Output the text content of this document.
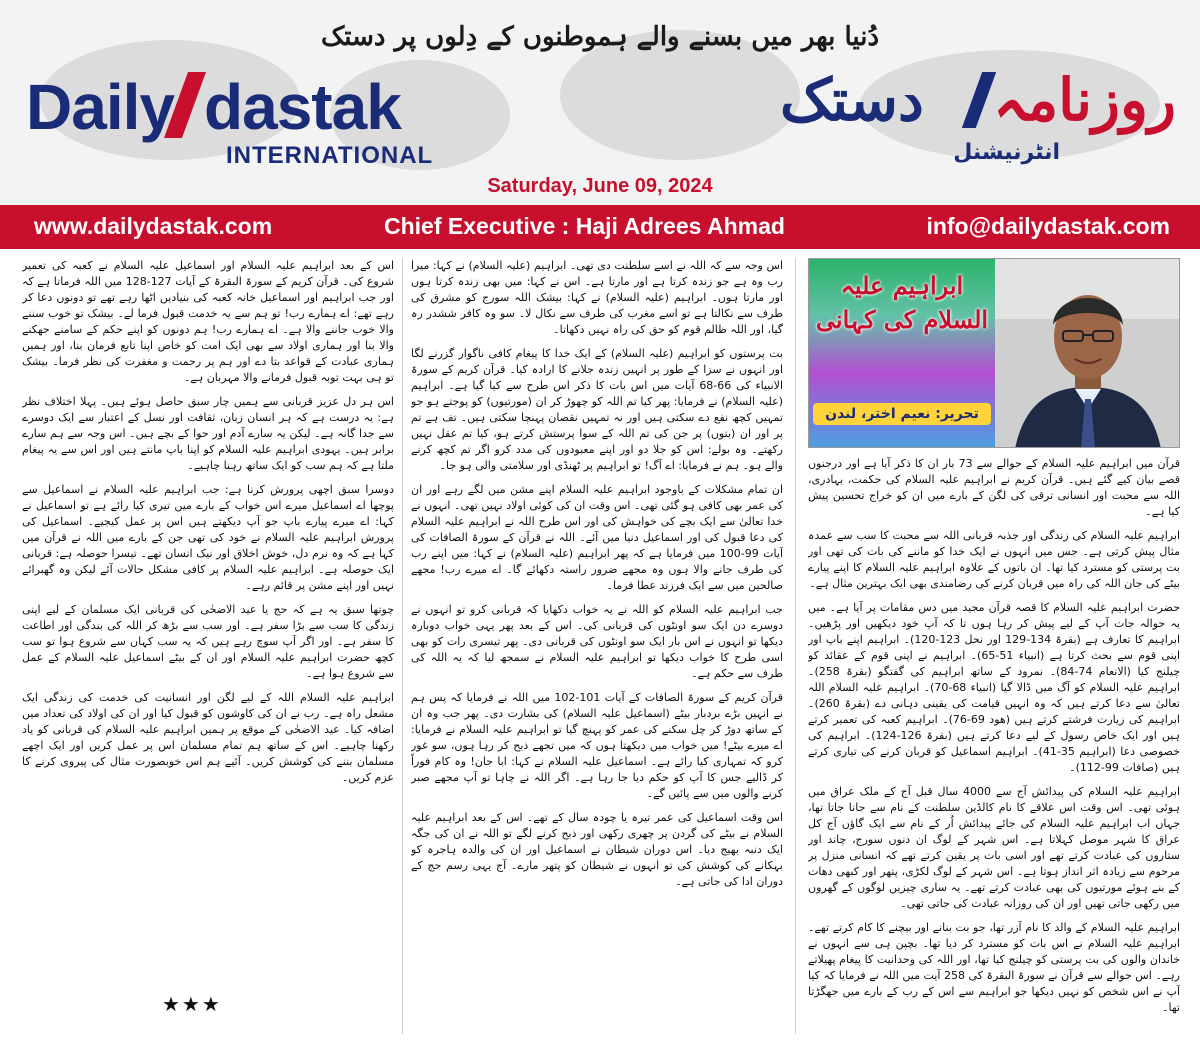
دُنیا بھر میں بسنے والے ہموطنوں کے دِلوں پر دستک
Daily dastak
INTERNATIONAL
روزنامہ
دستک
انٹرنیشنل
Saturday, June 09, 2024
www.dailydastak.com	Chief Executive : Haji Adrees Ahmad	info@dailydastak.com
ابراہیم علیہ السلام کی کہانی
تحریر: نعیم اختر، لندن

قرآن میں ابراہیم علیہ السلام کے حوالے سے 73 بار ان کا ذکر آیا ہے اور درجنوں قصے بیان کیے گئے ہیں۔ قرآن کریم نے ابراہیم علیہ السلام کی حکمت، بہادری، اللہ سے محبت اور انسانی ترقی کی لگن کے بارے میں ان کو خراج تحسین پیش کیا ہے۔

ابراہیم علیہ السلام کی زندگی اور جذبہ قربانی اللہ سے محبت کا سب سے عمدہ مثال پیش کرتی ہے۔ جس میں انہوں نے ایک خدا کو ماننے کی بات کی تھی اور بت پرستی کو مسترد کیا تھا۔ ان باتوں کے علاوہ ابراہیم علیہ السلام کا اپنے پیارے بیٹے کی جان اللہ کی راہ میں قربان کرنے کی رضامندی بھی ایک بہترین مثال ہے۔

حضرت ابراہیم علیہ السلام کا قصہ قرآن مجید میں دس مقامات پر آیا ہے۔ میں یہ حوالہ جات آپ کے لیے پیش کر رہا ہوں تا کہ آپ خود دیکھیں اور پڑھیں۔ ابراہیم کا تعارف ہے (بقرۃ 134-129 اور نحل 123-120)۔ ابراہیم اپنے باپ اور اپنی قوم سے بحث کرتا ہے (انبیاء 51-65)۔ ابراہیم نے اپنی قوم کے عقائد کو چیلنج کیا (الانعام 74-84)۔ نمرود کے ساتھ ابراہیم کی گفتگو (بقرۃ 258)۔ ابراہیم علیہ السلام کو آگ میں ڈالا گیا (انبیاء 68-70)۔ ابراہیم علیہ السلام اللہ تعالیٰ سے دعا کرتے ہیں کہ وہ انہیں قیامت کی یقینی دہانی دے (بقرۃ 260)۔ ابراہیم کی زیارت فرشتے کرتے ہیں (ھود 69-76)۔ ابراہیم کعبہ کی تعمیر کرتے ہیں اور ایک خاص رسول کے لیے دعا کرتے ہیں (بقرۃ 126-124)۔ ابراہیم کی خصوصی دعا (ابراہیم 35-41)۔ ابراہیم اسماعیل کو قربان کرنے کی تیاری کرتے ہیں (صافات 99-112)۔

ابراہیم علیہ السلام کی پیدائش آج سے 4000 سال قبل آج کے ملک عراق میں ہوئی تھی۔ اس وقت اس علاقے کا نام کالڈین سلطنت کے نام سے جانا جاتا تھا، جہاں اب ابراہیم علیہ السلام کی جائے پیدائش اُر کے نام سے ایک گاؤں آج کل عراق کا شہر موصل کہلاتا ہے۔ اس شہر کے لوگ ان دنوں سورج، چاند اور ستاروں کی عبادت کرتے تھے اور اسی بات پر یقین کرتے تھے کہ انسانی منزل پر مرحوم سے زیادہ اثر انداز ہوتا ہے۔ اس شہر کے لوگ لکڑی، پتھر اور کبھی دھات کے بنے ہوئے مورتیوں کی بھی عبادت کرتے تھے۔ یہ ساری چیزیں لوگوں کے گھروں میں رکھی جاتی تھیں اور ان کی روزانہ عبادت کی جاتی تھی۔

ابراہیم علیہ السلام کے والد کا نام آزر تھا، جو بت بنانے اور بیچنے کا کام کرتے تھے۔ ابراہیم علیہ السلام نے اس بات کو مسترد کر دیا تھا۔ بچپن ہی سے انہوں نے خاندان والوں کی بت پرستی کو چیلنج کیا تھا، اور اللہ کی وحدانیت کا پیغام پھیلاتے رہے۔ اس حوالے سے قرآن نے سورۃ البقرۃ کی 258 آیت میں اللہ نے فرمایا کہ کیا آپ نے اس شخص کو نہیں دیکھا جو ابراہیم سے اس کے رب کے بارے میں جھگڑتا تھا۔

اس وجہ سے کہ اللہ نے اسے سلطنت دی تھی۔ ابراہیم (علیہ السلام) نے کہا: میرا رب وہ ہے جو زندہ کرتا ہے اور مارتا ہے۔ اس نے کہا: میں بھی زندہ کرتا ہوں اور مارتا ہوں۔ ابراہیم (علیہ السلام) نے کہا: بیشک اللہ سورج کو مشرق کی طرف سے نکالتا ہے تو اسے مغرب کی طرف سے نکال لا۔ سو وہ کافر ششدر رہ گیا، اور اللہ ظالم قوم کو حق کی راہ نہیں دکھاتا۔

بت پرستوں کو ابراہیم (علیہ السلام) کے ایک خدا کا پیغام کافی ناگوار گزرنے لگا اور انہوں نے سزا کے طور پر انہیں زندہ جلانے کا ارادہ کیا۔ قرآن کریم کے سورۃ الانبیاء کی 66-68 آیات میں اس بات کا ذکر اس طرح سے کیا گیا ہے۔ ابراہیم (علیہ السلام) نے فرمایا: پھر کیا تم اللہ کو چھوڑ کر ان (مورتیوں) کو پوجتے ہو جو تمہیں کچھ نفع دے سکتی ہیں اور نہ تمہیں نقصان پہنچا سکتی ہیں۔ تف ہے تم پر اور ان (بتوں) پر جن کی تم اللہ کے سوا پرستش کرتے ہو، کیا تم عقل نہیں رکھتے۔ وہ بولے: اس کو جلا دو اور اپنے معبودوں کی مدد کرو اگر تم کچھ کرنے والے ہو۔ ہم نے فرمایا: اے آگ! تو ابراہیم پر ٹھنڈی اور سلامتی والی ہو جا۔

ان تمام مشکلات کے باوجود ابراہیم علیہ السلام اپنے مشن میں لگے رہے اور ان کی عمر بھی کافی ہو گئی تھی۔ اس وقت ان کی کوئی اولاد نہیں تھی۔ انہوں نے خدا تعالیٰ سے ایک بچے کی خواہش کی اور اس طرح اللہ نے ابراہیم علیہ السلام کی دعا قبول کی اور اسماعیل دنیا میں آئے۔ اللہ نے قرآن کے سورۃ الصافات کی آیات 99-100 میں فرمایا ہے کہ پھر ابراہیم (علیہ السلام) نے کہا: میں اپنے رب کی طرف جانے والا ہوں وہ مجھے ضرور راستہ دکھائے گا۔ اے میرے رب! مجھے صالحین میں سے ایک فرزند عطا فرما۔

جب ابراہیم علیہ السلام کو اللہ نے یہ خواب دکھایا کہ قربانی کرو تو انہوں نے دوسرے دن ایک سو اونٹوں کی قربانی کی۔ اس کے بعد پھر یہی خواب دوبارہ دیکھا تو انہوں نے اس بار ایک سو اونٹوں کی قربانی دی۔ پھر تیسری رات کو بھی اسی طرح کا خواب دیکھا تو ابراہیم علیہ السلام نے سمجھ لیا کہ یہ اللہ کی طرف سے حکم ہے۔

قرآن کریم کے سورۃ الصافات کے آیات 101-102 میں اللہ نے فرمایا کہ پس ہم نے انہیں بڑے بردبار بیٹے (اسماعیل علیہ السلام) کی بشارت دی۔ پھر جب وہ ان کے ساتھ دوڑ کر چل سکنے کی عمر کو پہنچ گیا تو ابراہیم علیہ السلام نے فرمایا: اے میرے بیٹے! میں خواب میں دیکھتا ہوں کہ میں تجھے ذبح کر رہا ہوں، سو غور کرو کہ تمہاری کیا رائے ہے۔ اسماعیل علیہ السلام نے کہا: ابا جان! وہ کام فوراً کر ڈالیے جس کا آپ کو حکم دیا جا رہا ہے۔ اگر اللہ نے چاہا تو آپ مجھے صبر کرنے والوں میں سے پائیں گے۔

اس وقت اسماعیل کی عمر تیرہ یا چودہ سال کے تھے۔ اس کے بعد ابراہیم علیہ السلام نے بیٹے کی گردن پر چھری رکھی اور ذبح کرنے لگے تو اللہ نے ان کی جگہ ایک دنبہ بھیج دیا۔ اس دوران شیطان نے اسماعیل اور ان کی والدہ ہاجرہ کو بہکانے کی کوشش کی تو انہوں نے شیطان کو پتھر مارے۔ آج یہی رسم حج کے دوران ادا کی جاتی ہے۔

اس کے بعد ابراہیم علیہ السلام اور اسماعیل علیہ السلام نے کعبہ کی تعمیر شروع کی۔ قرآن کریم کے سورۃ البقرۃ کے آیات 127-128 میں اللہ فرماتا ہے کہ اور جب ابراہیم اور اسماعیل خانہ کعبہ کی بنیادیں اٹھا رہے تھے تو دونوں دعا کر رہے تھے: اے ہمارے رب! تو ہم سے یہ خدمت قبول فرما لے۔ بیشک تو خوب سننے والا خوب جاننے والا ہے۔ اے ہمارے رب! ہم دونوں کو اپنے حکم کے سامنے جھکنے والا بنا اور ہماری اولاد سے بھی ایک امت کو خاص اپنا تابع فرمان بنا، اور ہمیں ہماری عبادت کے قواعد بتا دے اور ہم پر رحمت و مغفرت کی نظر فرما۔ بیشک تو ہی بہت توبہ قبول فرمانے والا مہربان ہے۔

اس ہر دل عزیز قربانی سے ہمیں چار سبق حاصل ہوئے ہیں۔ پہلا اختلاف نظر ہے: یہ درست ہے کہ ہر انسان زبان، ثقافت اور نسل کے اعتبار سے ایک دوسرے سے جدا گانہ ہے۔ لیکن یہ سارے آدم اور حوا کے بچے ہیں۔ اس وجہ سے ہم سارے برابر ہیں۔ یہودی ابراہیم علیہ السلام کو اپنا باپ مانتے ہیں اور اس سے یہ پیغام ملتا ہے کہ ہم سب کو ایک ساتھ رہنا چاہیے۔

دوسرا سبق اچھی پرورش کرنا ہے: جب ابراہیم علیہ السلام نے اسماعیل سے پوچھا اے اسماعیل میرے اس خواب کے بارے میں تیری کیا رائے ہے تو اسماعیل نے کہا: اے میرے پیارے باپ جو آپ دیکھتے ہیں اس پر عمل کیجیے۔ اسماعیل کی پرورش ابراہیم علیہ السلام نے خود کی تھی جن کے بارے میں اللہ نے قرآن میں کہا ہے کہ وہ نرم دل، خوش اخلاق اور نیک انسان تھے۔ تیسرا حوصلہ ہے: قربانی ایک حوصلہ ہے۔ ابراہیم علیہ السلام پر کافی مشکل حالات آئے لیکن وہ گھبرائے نہیں اور اپنے مشن پر قائم رہے۔

چوتھا سبق یہ ہے کہ حج یا عید الاضحٰی کی قربانی ایک مسلمان کے لیے اپنی زندگی کا سب سے بڑا سفر ہے۔ اور سب سے بڑھ کر اللہ کی بندگی اور اطاعت کا سفر ہے۔ اور اگر آپ سوچ رہے ہیں کہ یہ سب کہاں سے شروع ہوا تو سب کچھ حضرت ابراہیم علیہ السلام اور ان کے بیٹے اسماعیل علیہ السلام کے عمل سے شروع ہوا ہے۔

ابراہیم علیہ السلام اللہ کے لیے لگن اور انسانیت کی خدمت کی زندگی ایک مشعل راہ ہے۔ رب نے ان کی کاوشوں کو قبول کیا اور ان کی اولاد کی تعداد میں اضافہ کیا۔ عید الاضحٰی کے موقع پر ہمیں ابراہیم علیہ السلام کی قربانی کو یاد رکھنا چاہیے۔ اس کے ساتھ ہم تمام مسلمان اس پر عمل کریں اور ایک اچھے مسلمان بننے کی کوشش کریں۔ آئیے ہم اس خوبصورت مثال کی پیروی کرنے کا عزم کریں۔

★★★
